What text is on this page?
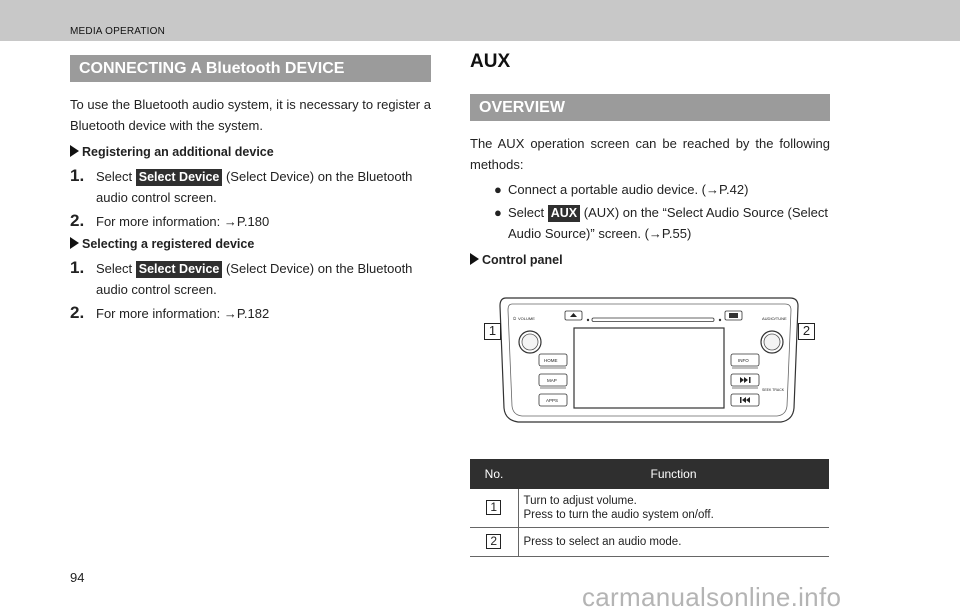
MEDIA OPERATION
CONNECTING A Bluetooth DEVICE

To use the Bluetooth audio system, it is necessary to register a Bluetooth device with the system.

Registering an additional device
1. Select Select Device (Select Device) on the Bluetooth audio control screen.
2. For more information: →P.180
Selecting a registered device
1. Select Select Device (Select Device) on the Bluetooth audio control screen.
2. For more information: →P.182
AUX
OVERVIEW

The AUX operation screen can be reached by the following methods:

● Connect a portable audio device. (→P.42)
● Select AUX (AUX) on the “Select Audio Source (Select Audio Source)” screen. (→P.55)
Control panel
⏻ VOLUME	AUDIO/TUNE
HOME
MAP
APPS
INFO
SEEK TRACK
1	2
No.	Function
1	Turn to adjust volume.
Press to turn the audio system on/off.

2	Press to select an audio mode.
94
carmanualsonline.info
